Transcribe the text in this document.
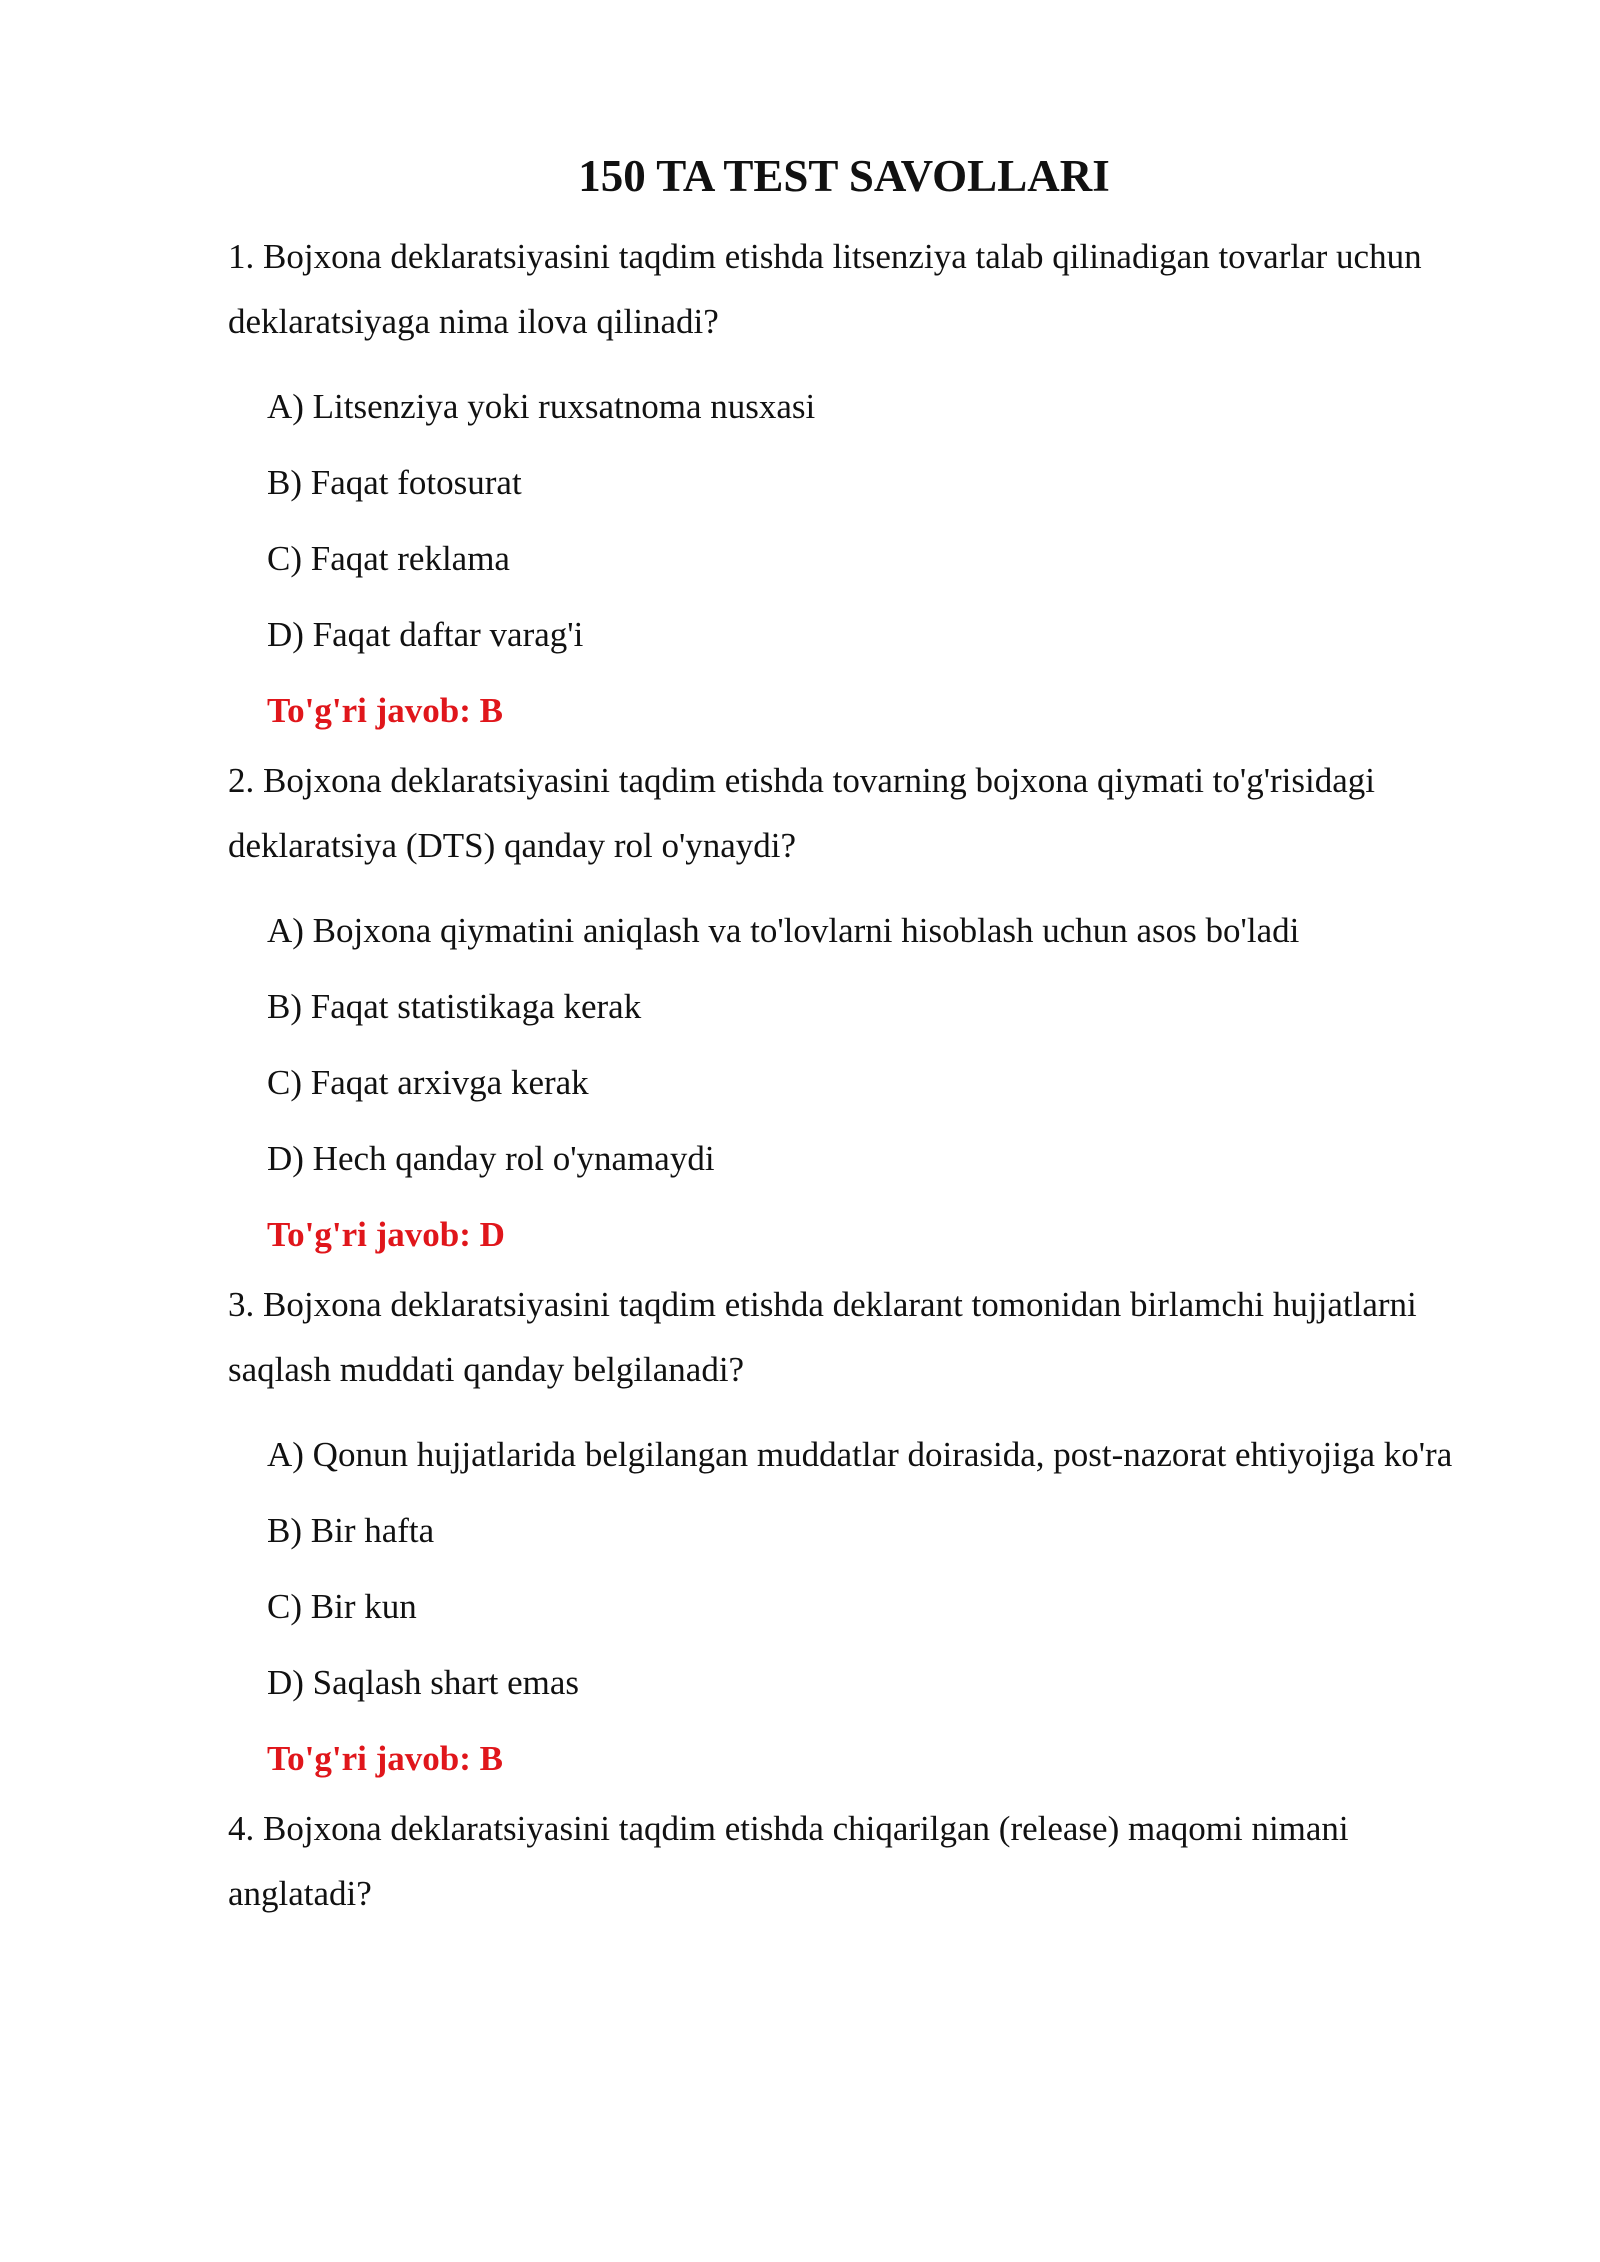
150 TA TEST SAVOLLARI

1. Bojxona deklaratsiyasini taqdim etishda litsenziya talab qilinadigan tovarlar uchun deklaratsiyaga nima ilova qilinadi?

A) Litsenziya yoki ruxsatnoma nusxasi
B) Faqat fotosurat
C) Faqat reklama
D) Faqat daftar varag'i

To'g'ri javob: B

2. Bojxona deklaratsiyasini taqdim etishda tovarning bojxona qiymati to'g'risidagi deklaratsiya (DTS) qanday rol o'ynaydi?

A) Bojxona qiymatini aniqlash va to'lovlarni hisoblash uchun asos bo'ladi
B) Faqat statistikaga kerak
C) Faqat arxivga kerak
D) Hech qanday rol o'ynamaydi

To'g'ri javob: D

3. Bojxona deklaratsiyasini taqdim etishda deklarant tomonidan birlamchi hujjatlarni saqlash muddati qanday belgilanadi?

A) Qonun hujjatlarida belgilangan muddatlar doirasida, post-nazorat ehtiyojiga ko'ra
B) Bir hafta
C) Bir kun
D) Saqlash shart emas

To'g'ri javob: B

4. Bojxona deklaratsiyasini taqdim etishda chiqarilgan (release) maqomi nimani anglatadi?
